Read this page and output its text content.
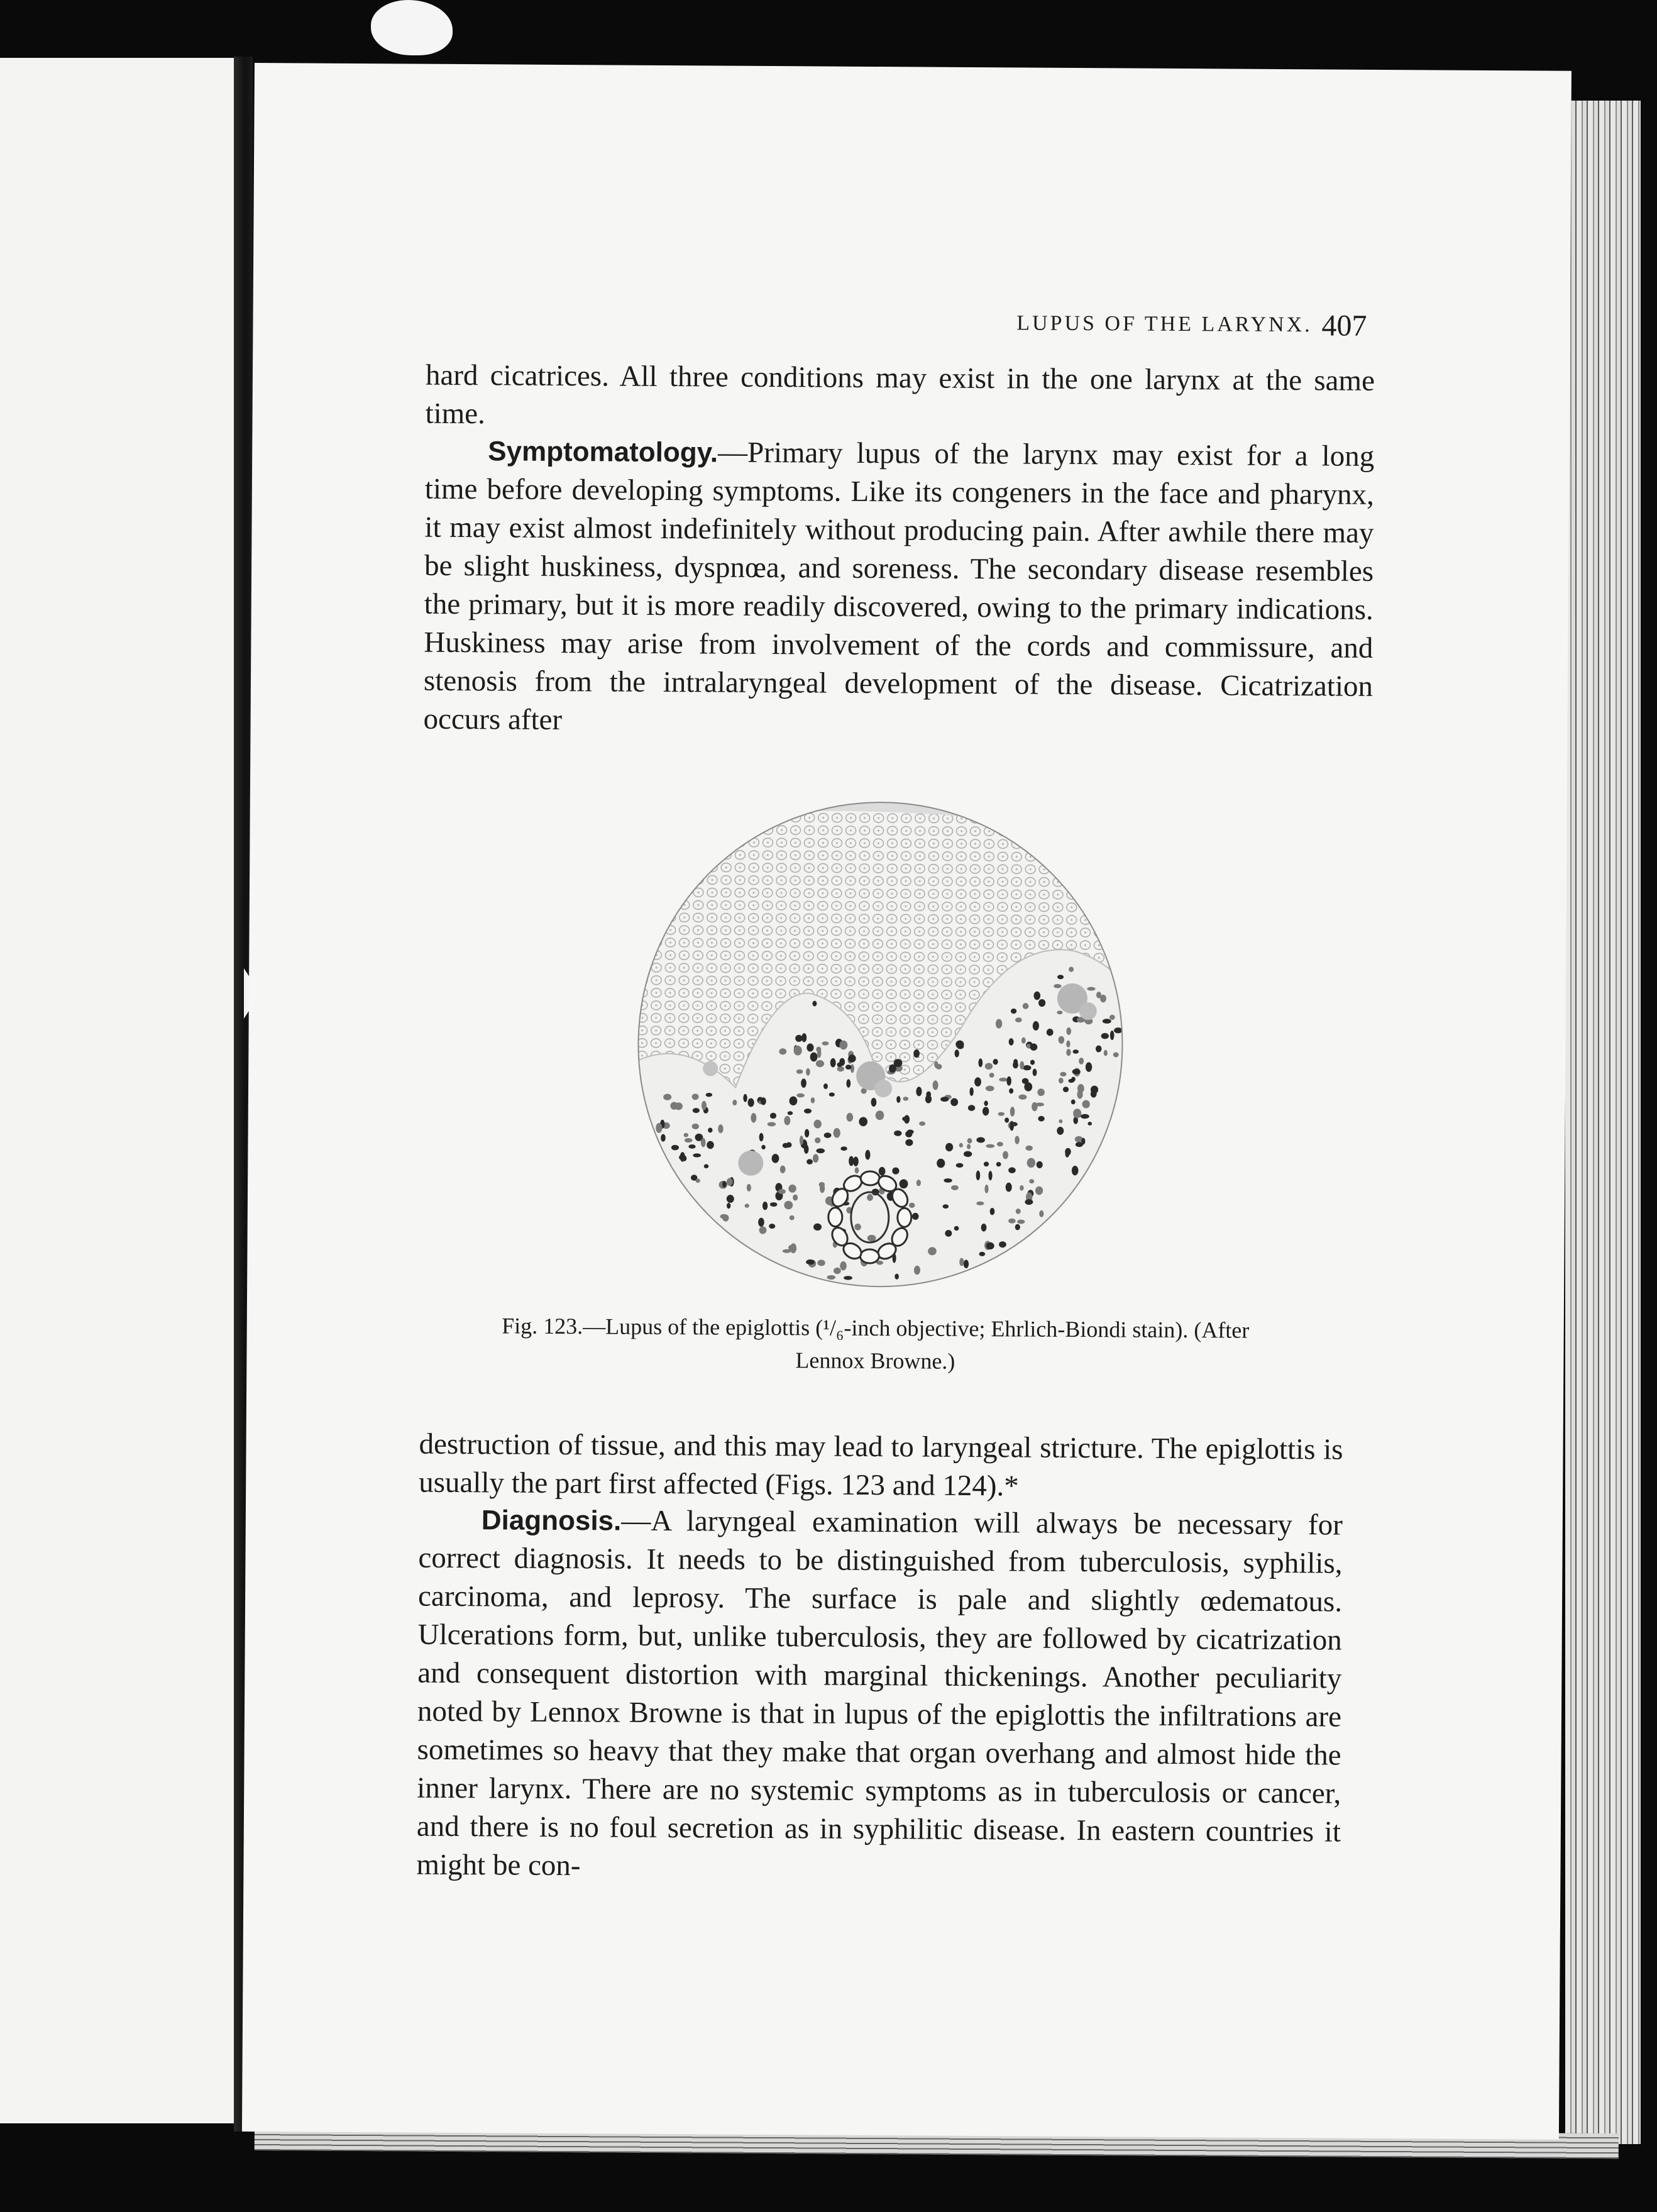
LUPUS OF THE LARYNX. 407
hard cicatrices. All three conditions may exist in the one larynx at the same time.
Symptomatology.—Primary lupus of the larynx may exist for a long time before developing symptoms. Like its congeners in the face and pharynx, it may exist almost indefinitely without producing pain. After awhile there may be slight huskiness, dyspnœa, and soreness. The secondary disease resembles the primary, but it is more readily discovered, owing to the primary indications. Huskiness may arise from involvement of the cords and commissure, and stenosis from the intralaryngeal development of the disease. Cicatrization occurs after
Fig. 123.—Lupus of the epiglottis (¹/₆-inch objective; Ehrlich-Biondi stain). (After Lennox Browne.)
destruction of tissue, and this may lead to laryngeal stricture. The epiglottis is usually the part first affected (Figs. 123 and 124).*
Diagnosis.—A laryngeal examination will always be necessary for correct diagnosis. It needs to be distinguished from tuberculosis, syphilis, carcinoma, and leprosy. The surface is pale and slightly œdematous. Ulcerations form, but, unlike tuberculosis, they are followed by cicatrization and consequent distortion with marginal thickenings. Another peculiarity noted by Lennox Browne is that in lupus of the epiglottis the infiltrations are sometimes so heavy that they make that organ overhang and almost hide the inner larynx. There are no systemic symptoms as in tuberculosis or cancer, and there is no foul secretion as in syphilitic disease. In eastern countries it might be con-
